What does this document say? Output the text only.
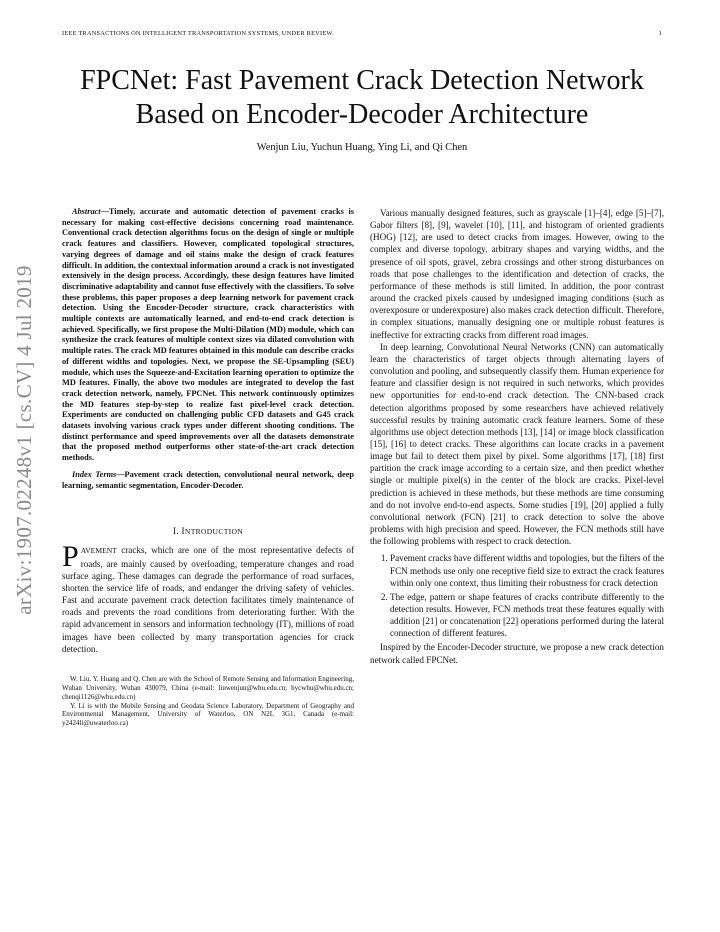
IEEE TRANSACTIONS ON INTELLIGENT TRANSPORTATION SYSTEMS, UNDER REVIEW.	1
arXiv:1907.02248v1 [cs.CV] 4 Jul 2019
FPCNet: Fast Pavement Crack Detection Network
Based on Encoder-Decoder Architecture
Wenjun Liu, Yuchun Huang, Ying Li, and Qi Chen

Abstract—Timely, accurate and automatic detection of pavement cracks is necessary for making cost-effective decisions concerning road maintenance. Conventional crack detection algorithms focus on the design of single or multiple crack features and classifiers. However, complicated topological structures, varying degrees of damage and oil stains make the design of crack features difficult. In addition, the contextual information around a crack is not investigated extensively in the design process. Accordingly, these design features have limited discriminative adaptability and cannot fuse effectively with the classifiers. To solve these problems, this paper proposes a deep learning network for pavement crack detection. Using the Encoder-Decoder structure, crack characteristics with multiple contexts are automatically learned, and end-to-end crack detection is achieved. Specifically, we first propose the Multi-Dilation (MD) module, which can synthesize the crack features of multiple context sizes via dilated convolution with multiple rates. The crack MD features obtained in this module can describe cracks of different widths and topologies. Next, we propose the SE-Upsampling (SEU) module, which uses the Squeeze-and-Excitation learning operation to optimize the MD features. Finally, the above two modules are integrated to develop the fast crack detection network, namely, FPCNet. This network continuously optimizes the MD features step-by-step to realize fast pixel-level crack detection. Experiments are conducted on challenging public CFD datasets and G45 crack datasets involving various crack types under different shooting conditions. The distinct performance and speed improvements over all the datasets demonstrate that the proposed method outperforms other state-of-the-art crack detection methods.

Index Terms—Pavement crack detection, convolutional neural network, deep learning, semantic segmentation, Encoder-Decoder.

I. INTRODUCTION

PAVEMENT cracks, which are one of the most representative defects of roads, are mainly caused by overloading, temperature changes and road surface aging. These damages can degrade the performance of road surfaces, shorten the service life of roads, and endanger the driving safety of vehicles. Fast and accurate pavement crack detection facilitates timely maintenance of roads and prevents the road conditions from deteriorating further. With the rapid advancement in sensors and information technology (IT), millions of road images have been collected by many transportation agencies for crack detection.

W. Liu, Y. Huang and Q. Chen are with the School of Remote Sensing and Information Engineering, Wuhan University, Wuhan 430079, China (e-mail: liuwenjun@whu.edu.cn; hycwhu@whu.edu.cn; chenqi1126@whu.edu.cn)

Y. Li is with the Mobile Sensing and Geodata Science Laboratory, Department of Geography and Environmental Management, University of Waterloo, ON N2L 3G1, Canada (e-mail: y2424li@uwaterloo.ca)

Various manually designed features, such as grayscale [1]–[4], edge [5]–[7], Gabor filters [8], [9], wavelet [10], [11], and histogram of oriented gradients (HOG) [12], are used to detect cracks from images. However, owing to the complex and diverse topology, arbitrary shapes and varying widths, and the presence of oil spots, gravel, zebra crossings and other strong disturbances on roads that pose challenges to the identification and detection of cracks, the performance of these methods is still limited. In addition, the poor contrast around the cracked pixels caused by undesigned imaging conditions (such as overexposure or underexposure) also makes crack detection difficult. Therefore, in complex situations, manually designing one or multiple robust features is ineffective for extracting cracks from different road images.

In deep learning, Convolutional Neural Networks (CNN) can automatically learn the characteristics of target objects through alternating layers of convolution and pooling, and subsequently classify them. Human experience for feature and classifier design is not required in such networks, which provides new opportunities for end-to-end crack detection. The CNN-based crack detection algorithms proposed by some researchers have achieved relatively successful results by training automatic crack feature learners. Some of these algorithms use object detection methods [13], [14] or image block classification [15], [16] to detect cracks. These algorithms can locate cracks in a pavement image but fail to detect them pixel by pixel. Some algorithms [17], [18] first partition the crack image according to a certain size, and then predict whether single or multiple pixel(s) in the center of the block are cracks. Pixel-level prediction is achieved in these methods, but these methods are time consuming and do not involve end-to-end aspects. Some studies [19], [20] applied a fully convolutional network (FCN) [21] to crack detection to solve the above problems with high precision and speed. However, the FCN methods still have the following problems with respect to crack detection.

1. Pavement cracks have different widths and topologies, but the filters of the FCN methods use only one receptive field size to extract the crack features within only one context, thus limiting their robustness for crack detection
2. The edge, pattern or shape features of cracks contribute differently to the detection results. However, FCN methods treat these features equally with addition [21] or concatenation [22] operations performed during the lateral connection of different features.

Inspired by the Encoder-Decoder structure, we propose a new crack detection network called FPCNet.
